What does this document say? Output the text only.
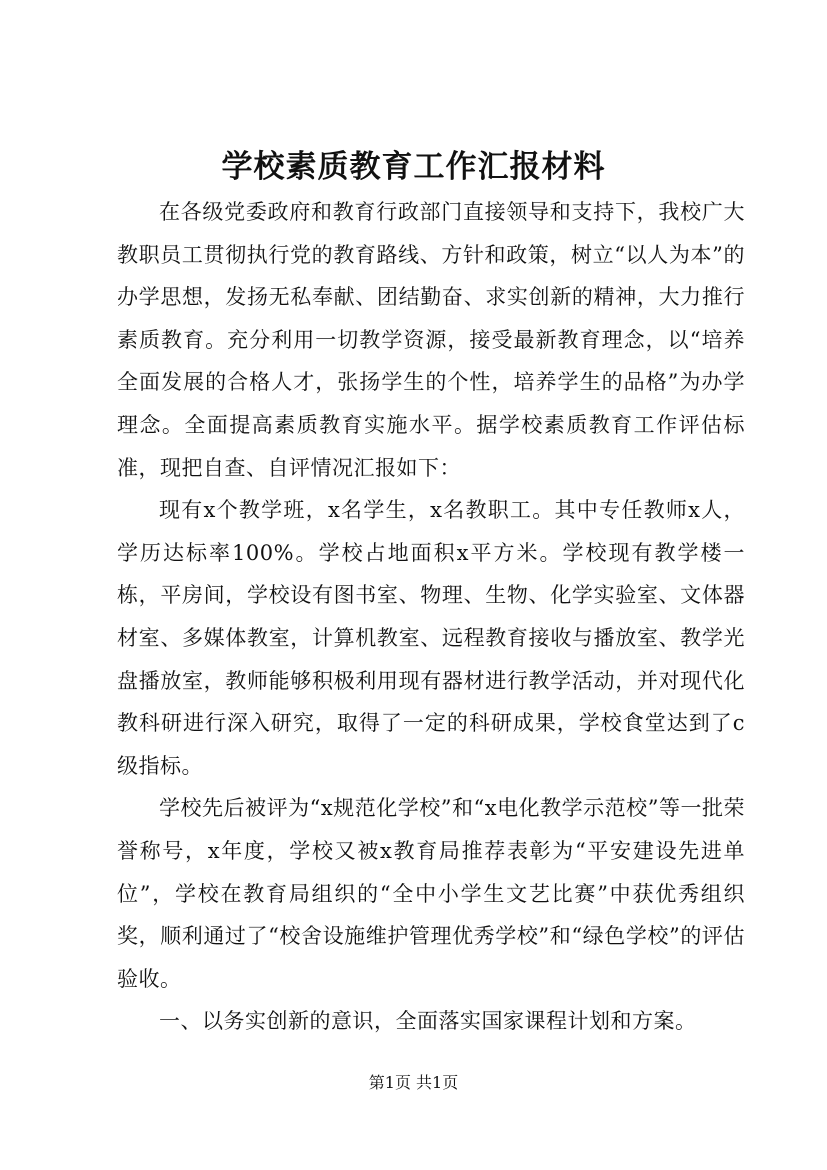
学校素质教育工作汇报材料

在各级党委政府和教育行政部门直接领导和支持下，我校广大教职员工贯彻执行党的教育路线、方针和政策，树立“以人为本”的办学思想，发扬无私奉献、团结勤奋、求实创新的精神，大力推行素质教育。充分利用一切教学资源，接受最新教育理念，以“培养全面发展的合格人才，张扬学生的个性，培养学生的品格”为办学理念。全面提高素质教育实施水平。据学校素质教育工作评估标准，现把自查、自评情况汇报如下：

现有x个教学班，x名学生，x名教职工。其中专任教师x人，学历达标率100%。学校占地面积x平方米。学校现有教学楼一栋，平房间，学校设有图书室、物理、生物、化学实验室、文体器材室、多媒体教室，计算机教室、远程教育接收与播放室、教学光盘播放室，教师能够积极利用现有器材进行教学活动，并对现代化教科研进行深入研究，取得了一定的科研成果，学校食堂达到了c级指标。

学校先后被评为“x规范化学校”和“x电化教学示范校”等一批荣誉称号，x年度，学校又被x教育局推荐表彰为“平安建设先进单位”，学校在教育局组织的“全中小学生文艺比赛”中获优秀组织奖，顺利通过了“校舍设施维护管理优秀学校”和“绿色学校”的评估验收。

一、以务实创新的意识，全面落实国家课程计划和方案。

第1页 共1页
